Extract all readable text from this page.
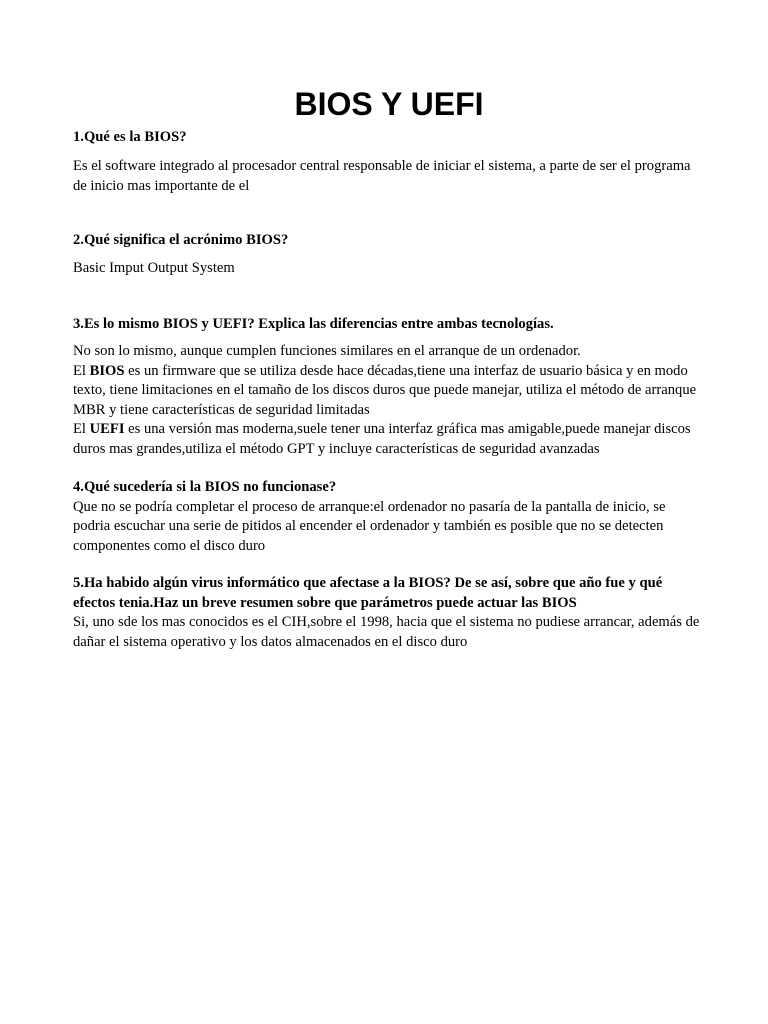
BIOS Y UEFI

1.Qué es la BIOS?

Es el software integrado al procesador central responsable de iniciar el sistema, a parte de ser el programa de inicio mas importante de el

2.Qué significa el acrónimo BIOS?

Basic Imput Output System

3.Es lo mismo BIOS y UEFI? Explica las diferencias entre ambas tecnologías.

No son lo mismo, aunque cumplen funciones similares en el arranque de un ordenador.
El BIOS es un firmware que se utiliza desde hace décadas,tiene una interfaz de usuario básica y en modo texto, tiene limitaciones en el tamaño de los discos duros que puede manejar, utiliza el método de arranque MBR y tiene características de seguridad limitadas
El UEFI es una versión mas moderna,suele tener una interfaz gráfica mas amigable,puede manejar discos duros mas grandes,utiliza el método GPT y incluye características de seguridad avanzadas
4.Qué sucedería si la BIOS no funcionase?
Que no se podría completar el proceso de arranque:el ordenador no pasaría de la pantalla de inicio, se podria escuchar una serie de pitidos al encender el ordenador y también es posible que no se detecten componentes como el disco duro
5.Ha habido algún virus informático que afectase a la BIOS? De se así, sobre que año fue y qué efectos tenia.Haz un breve resumen sobre que parámetros puede actuar las BIOS
Si, uno sde los mas conocidos es el CIH,sobre el 1998, hacia que el sistema no pudiese arrancar, además de dañar el sistema operativo y los datos almacenados en el disco duro
